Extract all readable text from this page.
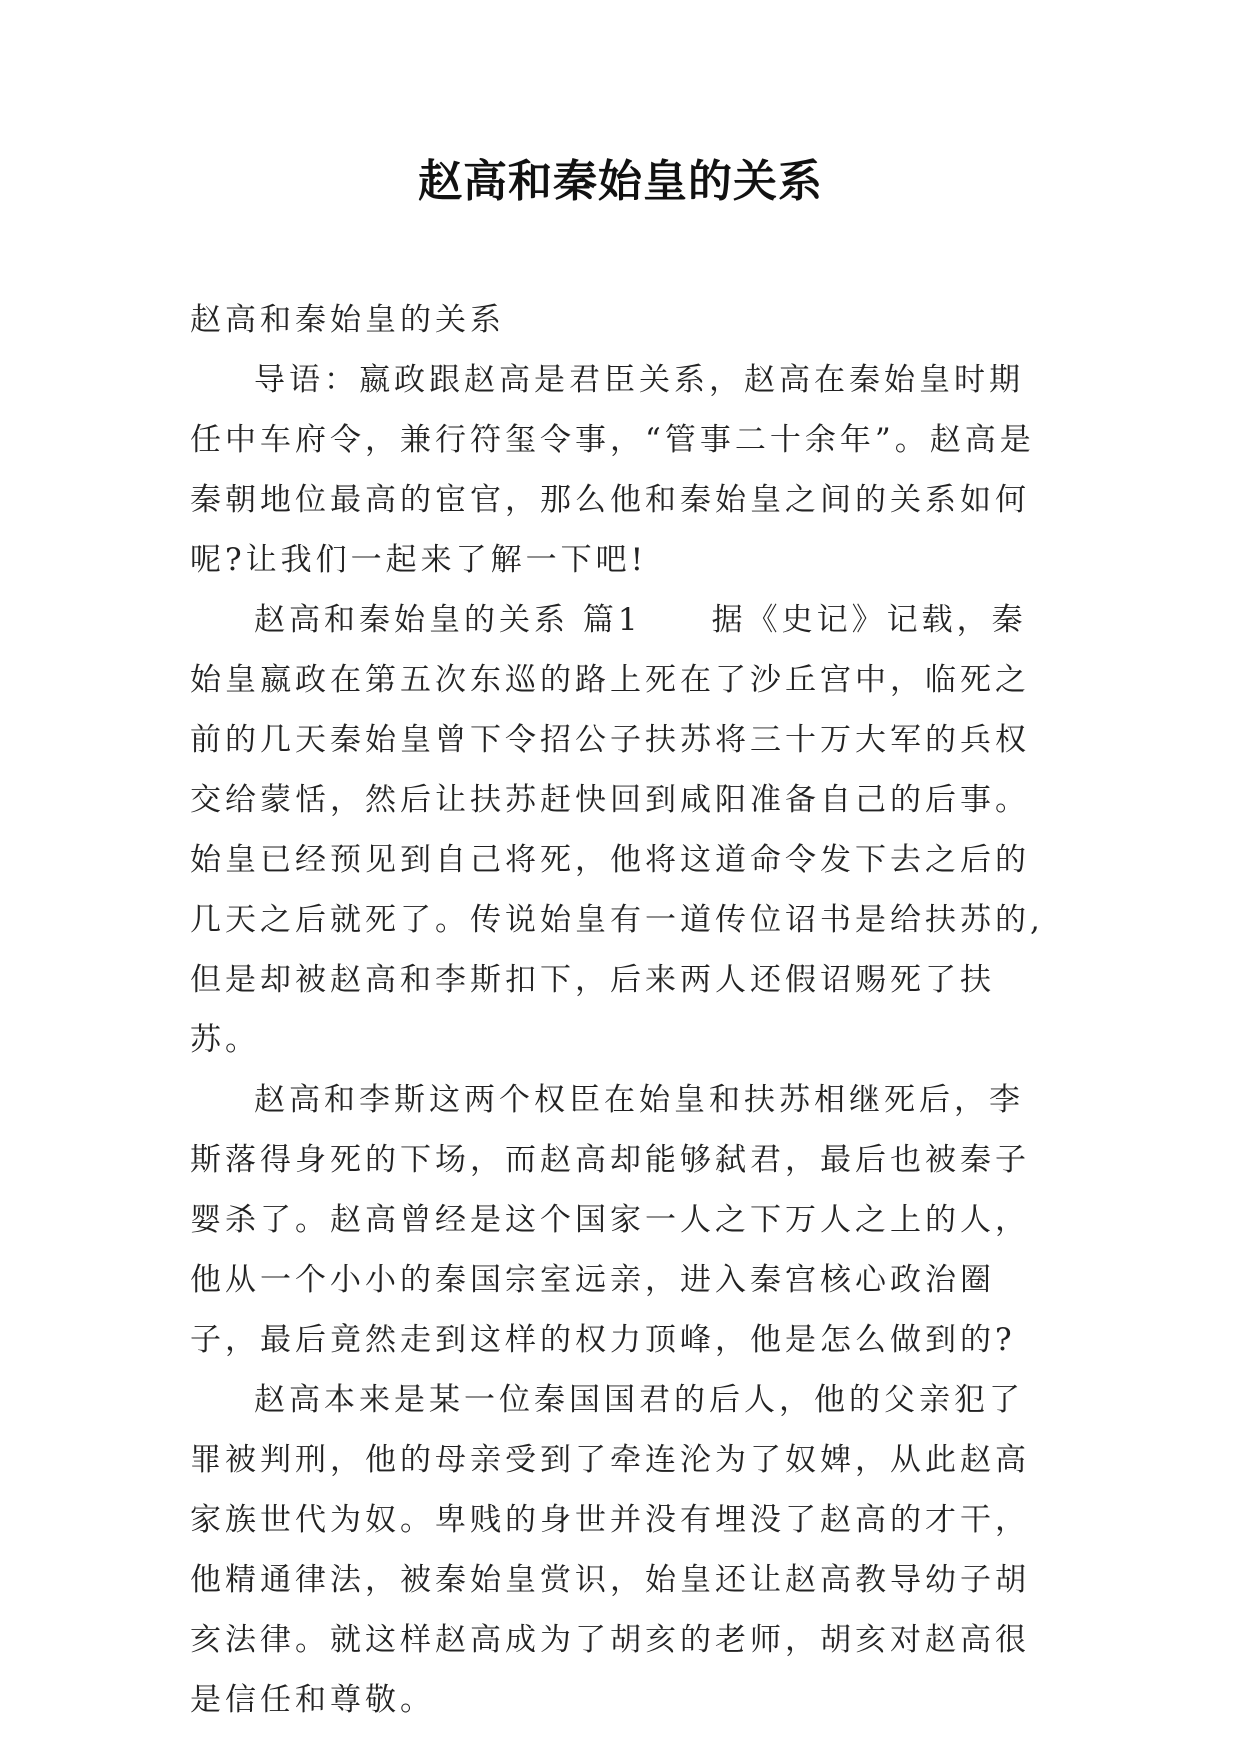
赵高和秦始皇的关系

赵高和秦始皇的关系

导语：嬴政跟赵高是君臣关系，赵高在秦始皇时期任中车府令，兼行符玺令事，“管事二十余年”。赵高是秦朝地位最高的宦官，那么他和秦始皇之间的关系如何呢?让我们一起来了解一下吧!

赵高和秦始皇的关系 篇1　　据《史记》记载，秦始皇嬴政在第五次东巡的路上死在了沙丘宫中，临死之前的几天秦始皇曾下令招公子扶苏将三十万大军的兵权交给蒙恬，然后让扶苏赶快回到咸阳准备自己的后事。始皇已经预见到自己将死，他将这道命令发下去之后的几天之后就死了。传说始皇有一道传位诏书是给扶苏的,但是却被赵高和李斯扣下，后来两人还假诏赐死了扶苏。

赵高和李斯这两个权臣在始皇和扶苏相继死后，李斯落得身死的下场，而赵高却能够弑君，最后也被秦子婴杀了。赵高曾经是这个国家一人之下万人之上的人，他从一个小小的秦国宗室远亲，进入秦宫核心政治圈子，最后竟然走到这样的权力顶峰，他是怎么做到的?

赵高本来是某一位秦国国君的后人，他的父亲犯了罪被判刑，他的母亲受到了牵连沦为了奴婢，从此赵高家族世代为奴。卑贱的身世并没有埋没了赵高的才干，他精通律法，被秦始皇赏识，始皇还让赵高教导幼子胡亥法律。就这样赵高成为了胡亥的老师，胡亥对赵高很是信任和尊敬。
